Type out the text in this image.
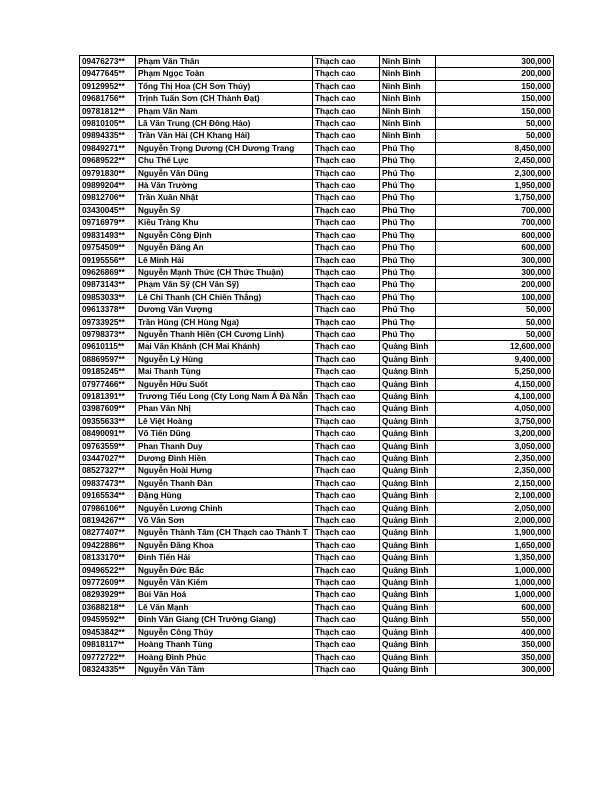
09476273**	Phạm Văn Thân	Thạch cao	Ninh Bình	300,000
09477645**	Phạm Ngọc Toàn	Thạch cao	Ninh Bình	200,000
09129952**	Tống Thị Hoa (CH Sơn Thủy)	Thạch cao	Ninh Bình	150,000
09681756**	Trịnh Tuấn Sơn (CH Thành Đạt)	Thạch cao	Ninh Bình	150,000
09781812**	Phạm Văn Nam	Thạch cao	Ninh Bình	150,000
09810105**	Lã Văn Trung (CH Đông Hảo)	Thạch cao	Ninh Bình	50,000
09894335**	Trần Văn Hải (CH Khang Hải)	Thạch cao	Ninh Bình	50,000
09849271**	Nguyễn Trọng Dương (CH Dương Trang	Thạch cao	Phú Thọ	8,450,000
09689522**	Chu Thế Lực	Thạch cao	Phú Thọ	2,450,000
09791830**	Nguyễn Văn Dũng	Thạch cao	Phú Thọ	2,300,000
09899204**	Hà Văn Trường	Thạch cao	Phú Thọ	1,950,000
09812706**	Trần Xuân Nhật	Thạch cao	Phú Thọ	1,750,000
03430045**	Nguyễn Sỹ	Thạch cao	Phú Thọ	700,000
09716979**	Kiều Tràng Khu	Thạch cao	Phú Thọ	700,000
09831493**	Nguyễn Công Định	Thạch cao	Phú Thọ	600,000
09754509**	Nguyễn Đăng An	Thạch cao	Phú Thọ	600,000
09195556**	Lê Minh Hải	Thạch cao	Phú Thọ	300,000
09626869**	Nguyễn Mạnh Thức (CH Thức Thuận)	Thạch cao	Phú Thọ	300,000
09873143**	Phạm Văn Sỹ (CH Văn Sỹ)	Thạch cao	Phú Thọ	200,000
09853033**	Lê Chí Thanh (CH Chiến Thắng)	Thạch cao	Phú Thọ	100,000
09613378**	Dương Văn Vượng	Thạch cao	Phú Thọ	50,000
09733925**	Trần Hùng (CH Hùng Nga)	Thạch cao	Phú Thọ	50,000
09798373**	Nguyễn Thanh Hiền (CH Cương Linh)	Thạch cao	Phú Thọ	50,000
09610115**	Mai Văn Khánh (CH Mai Khánh)	Thạch cao	Quảng Bình	12,600,000
08869597**	Nguyễn Lý Hùng	Thạch cao	Quảng Bình	9,400,000
09185245**	Mai Thanh Tùng	Thạch cao	Quảng Bình	5,250,000
07977466**	Nguyễn Hữu Suốt	Thạch cao	Quảng Bình	4,150,000
09181391**	Trương Tiểu Long (Cty Long Nam Á Đà Nẵn	Thạch cao	Quảng Bình	4,100,000
03987609**	Phan Văn Nhị	Thạch cao	Quảng Bình	4,050,000
09355633**	Lê Việt Hoàng	Thạch cao	Quảng Bình	3,750,000
08490091**	Võ Tiến Dũng	Thạch cao	Quảng Bình	3,200,000
09763559**	Phan Thanh Duy	Thạch cao	Quảng Bình	3,050,000
03447027**	Dương Đình Hiền	Thạch cao	Quảng Bình	2,350,000
08527327**	Nguyễn Hoài Hưng	Thạch cao	Quảng Bình	2,350,000
09837473**	Nguyễn Thanh Đàn	Thạch cao	Quảng Bình	2,150,000
09165534**	Đặng Hùng	Thạch cao	Quảng Bình	2,100,000
07986106**	Nguyễn Lương Chinh	Thạch cao	Quảng Bình	2,050,000
08194267**	Võ Văn Sơn	Thạch cao	Quảng Bình	2,000,000
08277407**	Nguyễn Thành Tâm (CH Thạch cao Thành T	Thạch cao	Quảng Bình	1,900,000
09422886**	Nguyễn Đăng Khoa	Thạch cao	Quảng Bình	1,650,000
08133170**	Đinh Tiến Hải	Thạch cao	Quảng Bình	1,350,000
09496522**	Nguyễn Đức Bắc	Thạch cao	Quảng Bình	1,000,000
09772609**	Nguyễn Văn Kiếm	Thạch cao	Quảng Bình	1,000,000
08293929**	Bùi Văn Hoá	Thạch cao	Quảng Bình	1,000,000
03688218**	Lê Văn Mạnh	Thạch cao	Quảng Bình	600,000
09459592**	Đinh Văn Giang (CH Trường Giang)	Thạch cao	Quảng Bình	550,000
09453842**	Nguyễn Công Thủy	Thạch cao	Quảng Bình	400,000
09818117**	Hoàng Thanh Tùng	Thạch cao	Quảng Bình	350,000
09772722**	Hoàng Đình Phúc	Thạch cao	Quảng Bình	350,000
08324335**	Nguyễn Văn Tâm	Thạch cao	Quảng Bình	300,000
